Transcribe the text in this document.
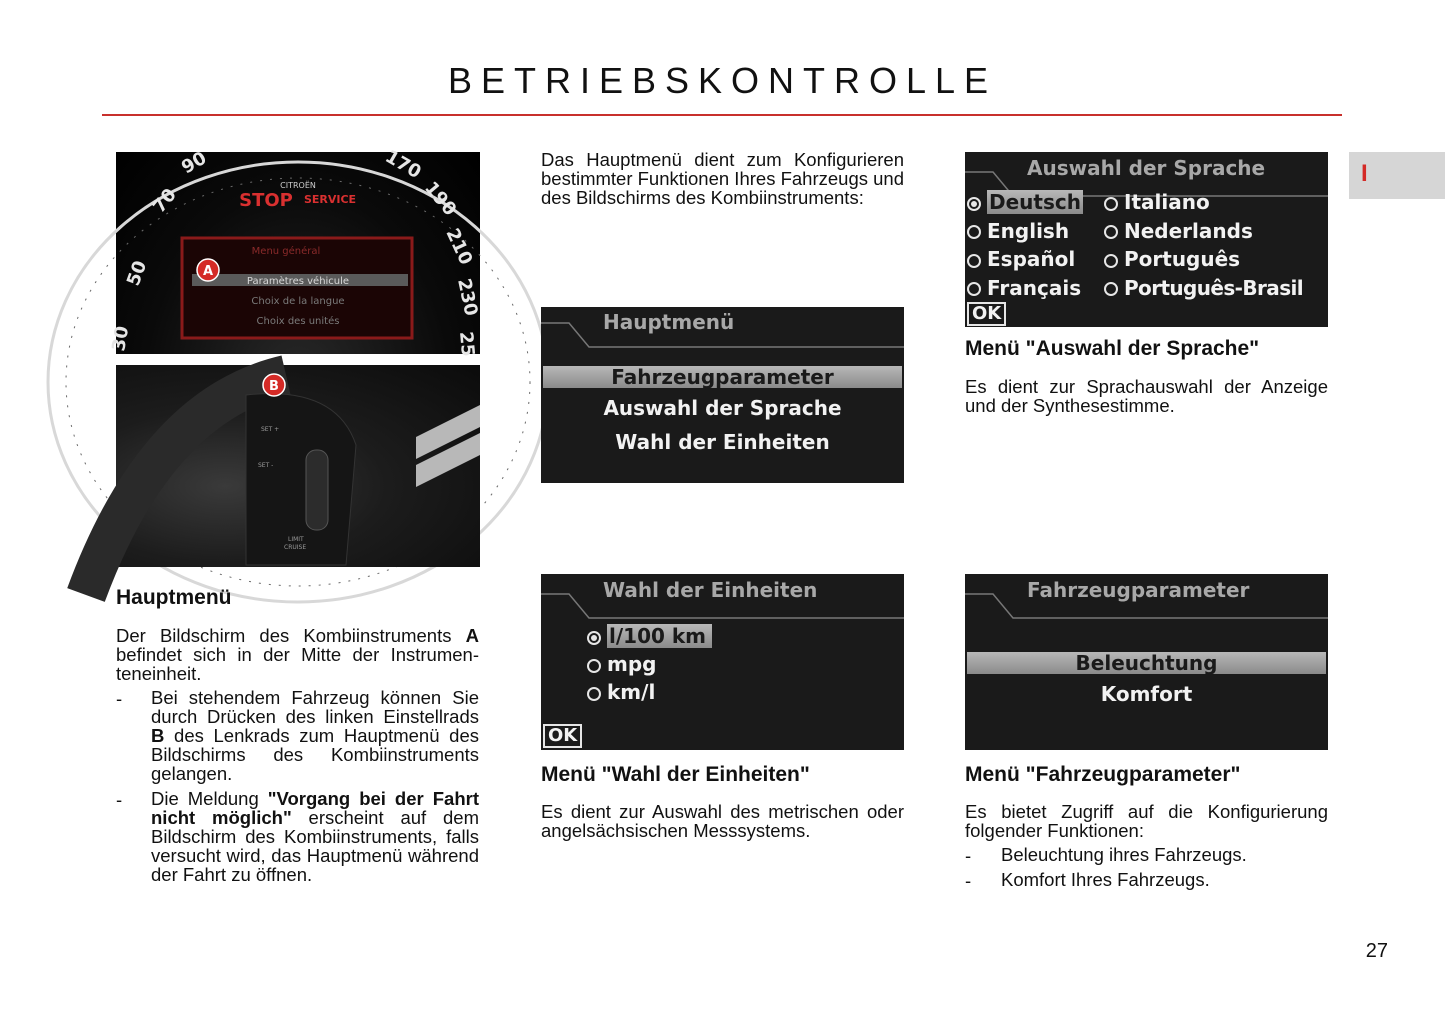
BETRIEBSKONTROLLE
I
30
50
70
90	170
190
210
230
25
CITROËN
STOP SERVICE
Menu général
Paramètres véhicule
Choix de la langue
Choix des unités
A
SET +
SET -
LIMIT
CRUISE
B
Hauptmenü
Der Bildschirm des Kombiinstruments A befindet sich in der Mitte der Instrumenteneinheit.
- Bei stehendem Fahrzeug können Sie durch Drücken des linken Einstellrads B des Lenkrads zum Hauptmenü des Bildschirms des Kombiinstruments gelangen.
- Die Meldung "Vorgang bei der Fahrt nicht möglich" erscheint auf dem Bildschirm des Kombiinstruments, falls versucht wird, das Hauptmenü während der Fahrt zu öffnen.
Das Hauptmenü dient zum Konfigurieren bestimmter Funktionen Ihres Fahrzeugs und des Bildschirms des Kombiinstruments:
Hauptmenü
Fahrzeugparameter
Auswahl der Sprache
Wahl der Einheiten
Auswahl der Sprache
Deutsch
English
Español
Français
Italiano
Nederlands
Português
Português-Brasil
OK
Menü "Auswahl der Sprache"
Es dient zur Sprachauswahl der Anzeige und der Synthesestimme.
Wahl der Einheiten
l/100 km
mpg
km/l
OK
Menü "Wahl der Einheiten"
Es dient zur Auswahl des metrischen oder angelsächsischen Messsystems.
Fahrzeugparameter
Beleuchtung
Komfort
Menü "Fahrzeugparameter"
Es bietet Zugriff auf die Konfigurierung folgender Funktionen:
- Beleuchtung ihres Fahrzeugs.
- Komfort Ihres Fahrzeugs.
27
